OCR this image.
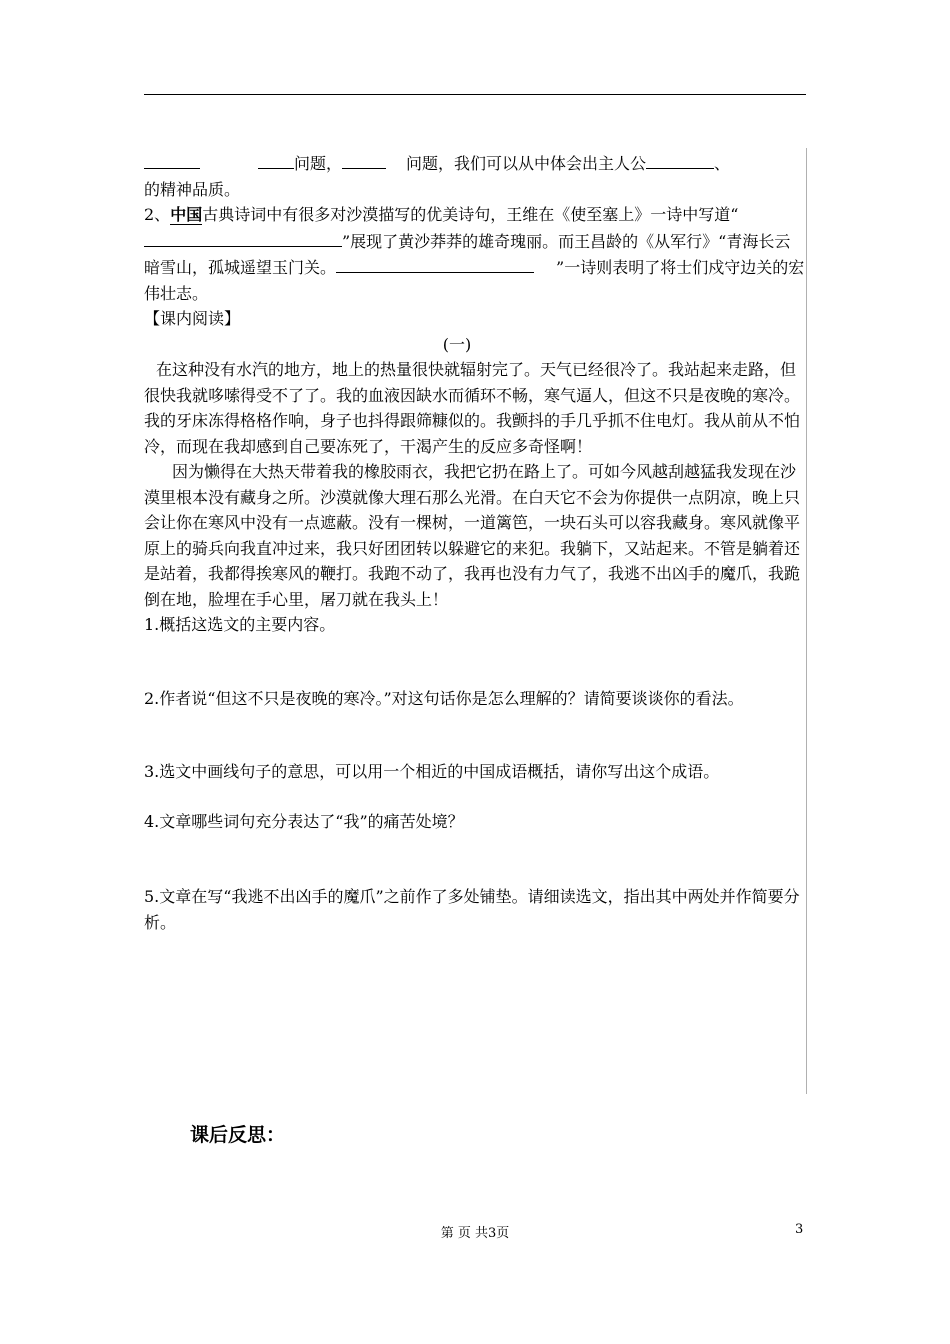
问题，	问题，我们可以从中体会出主人公	、

的精神品质。

2、中国古典诗词中有很多对沙漠描写的优美诗句，王维在《使至塞上》一诗中写道“”展现了黄沙莽莽的雄奇瑰丽。而王昌龄的《从军行》“青海长云暗雪山，孤城遥望玉门关。	”一诗则表明了将士们戍守边关的宏伟壮志。

【课内阅读】

(一)

在这种没有水汽的地方，地上的热量很快就辐射完了。天气已经很冷了。我站起来走路，但很快我就哆嗦得受不了了。我的血液因缺水而循环不畅，寒气逼人，但这不只是夜晚的寒冷。我的牙床冻得格格作响，身子也抖得跟筛糠似的。我颤抖的手几乎抓不住电灯。我从前从不怕冷，而现在我却感到自己要冻死了，干渴产生的反应多奇怪啊！

因为懒得在大热天带着我的橡胶雨衣，我把它扔在路上了。可如今风越刮越猛我发现在沙漠里根本没有藏身之所。沙漠就像大理石那么光滑。在白天它不会为你提供一点阴凉，晚上只会让你在寒风中没有一点遮蔽。没有一棵树，一道篱笆，一块石头可以容我藏身。寒风就像平原上的骑兵向我直冲过来，我只好团团转以躲避它的来犯。我躺下，又站起来。不管是躺着还是站着，我都得挨寒风的鞭打。我跑不动了，我再也没有力气了，我逃不出凶手的魔爪，我跪倒在地，脸埋在手心里，屠刀就在我头上！

1.概括这选文的主要内容。

2.作者说“但这不只是夜晚的寒冷。”对这句话你是怎么理解的？请简要谈谈你的看法。

3.选文中画线句子的意思，可以用一个相近的中国成语概括，请你写出这个成语。

4.文章哪些词句充分表达了“我”的痛苦处境？

5.文章在写“我逃不出凶手的魔爪”之前作了多处铺垫。请细读选文，指出其中两处并作简要分析。

课后反思：
第 页 共3页	3
